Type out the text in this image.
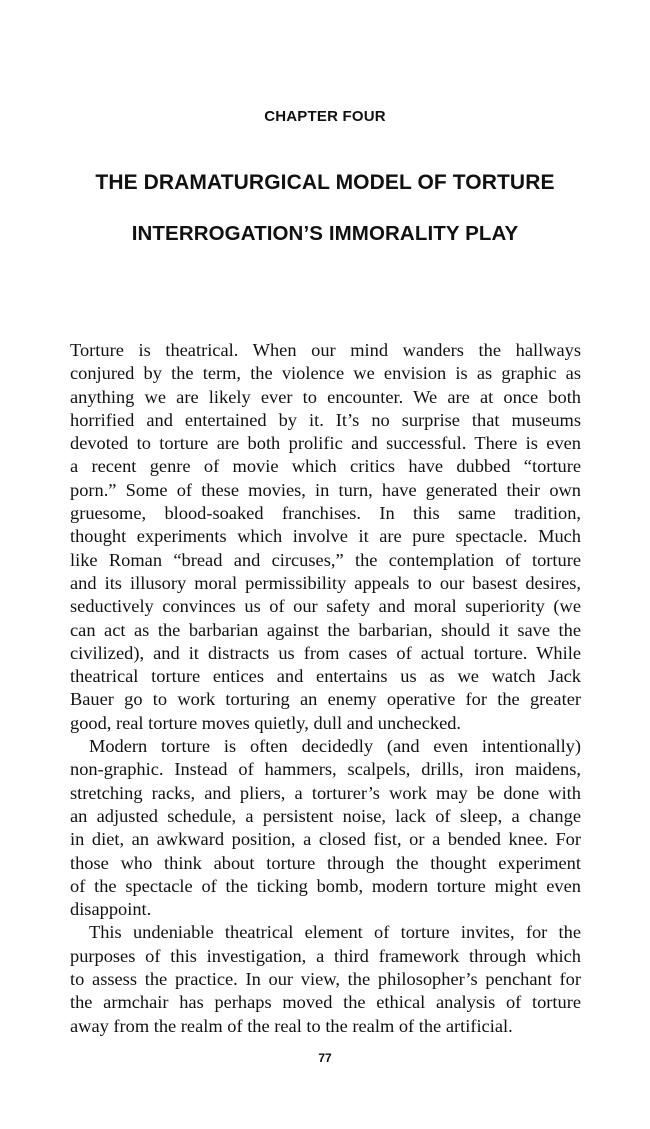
CHAPTER FOUR
THE DRAMATURGICAL MODEL OF TORTURE
INTERROGATION’S IMMORALITY PLAY
Torture is theatrical. When our mind wanders the hallways
conjured by the term, the violence we envision is as graphic as
anything we are likely ever to encounter. We are at once both
horrified and entertained by it. It’s no surprise that museums
devoted to torture are both prolific and successful. There is even
a recent genre of movie which critics have dubbed “torture
porn.” Some of these movies, in turn, have generated their own
gruesome, blood-soaked franchises. In this same tradition,
thought experiments which involve it are pure spectacle. Much
like Roman “bread and circuses,” the contemplation of torture
and its illusory moral permissibility appeals to our basest desires,
seductively convinces us of our safety and moral superiority (we
can act as the barbarian against the barbarian, should it save the
civilized), and it distracts us from cases of actual torture. While
theatrical torture entices and entertains us as we watch Jack
Bauer go to work torturing an enemy operative for the greater
good, real torture moves quietly, dull and unchecked.
Modern torture is often decidedly (and even intentionally)
non-graphic. Instead of hammers, scalpels, drills, iron maidens,
stretching racks, and pliers, a torturer’s work may be done with
an adjusted schedule, a persistent noise, lack of sleep, a change
in diet, an awkward position, a closed fist, or a bended knee. For
those who think about torture through the thought experiment
of the spectacle of the ticking bomb, modern torture might even
disappoint.
This undeniable theatrical element of torture invites, for the
purposes of this investigation, a third framework through which
to assess the practice. In our view, the philosopher’s penchant for
the armchair has perhaps moved the ethical analysis of torture
away from the realm of the real to the realm of the artificial.
77
